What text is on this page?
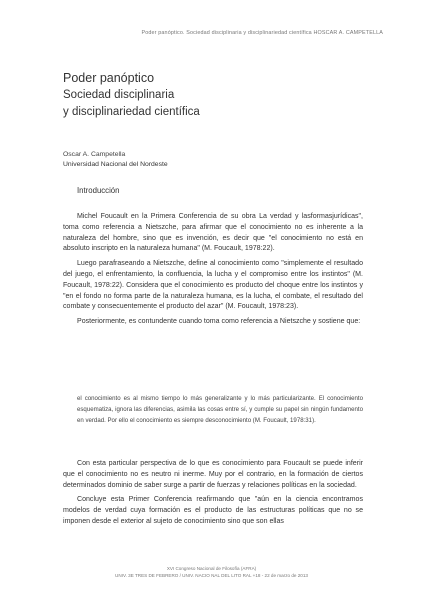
Poder panóptico. Sociedad disciplinaria y disciplinariedad científica HOSCAR A. CAMPETELLA
Poder panóptico
Sociedad disciplinaria
y disciplinariedad científica
Oscar A. Campetella
Universidad Nacional del Nordeste
Introducción

Michel Foucault en la Primera Conferencia de su obra La verdad y lasformasjurídicas", toma como referencia a Nietszche, para afirmar que el conocimiento no es inherente a la naturaleza del hombre, sino que es invención, es decir que "el conocimiento no está en absoluto inscripto en la naturaleza humana" (M. Foucault, 1978:22).

Luego parafraseando a Nietszche, define al conocimiento como "simplemente el resultado del juego, el enfrentamiento, la confluencia, la lucha y el compromiso entre los instintos" (M. Foucault, 1978:22). Considera que el conocimiento es producto del choque entre los instintos y "en el fondo no forma parte de la naturaleza humana, es la lucha, el combate, el resultado del combate y consecuentemente el producto del azar" (M. Foucault, 1978:23).

Posteriormente, es contundente cuando toma como referencia a Nietszche y sostiene que:

el conocimiento es al mismo tiempo lo más generalizante y lo más particularizante. El conocimiento esquematiza, ignora las diferencias, asimila las cosas entre sí, y cumple su papel sin ningún fundamento en verdad. Por ello el conocimiento es siempre desconocimiento (M. Foucault, 1978:31).

Con esta particular perspectiva de lo que es conocimiento para Foucault se puede inferir que el conocimiento no es neutro ni inerme. Muy por el contrario, en la formación de ciertos determinados dominio de saber surge a partir de fuerzas y relaciones políticas en la sociedad.

Concluye esta Primer Conferencia reafirmando que "aún en la ciencia encontramos modelos de verdad cuya formación es el producto de las estructuras políticas que no se imponen desde el exterior al sujeto de conocimiento sino que son ellas

XVI Congreso Nacional de Filosofía (AFRA)
UNIV. 3E TRES DE FEBRERO / UNIV. NACIO NAL DEL LITO RAL +18 - 22 de marzo de 2013
